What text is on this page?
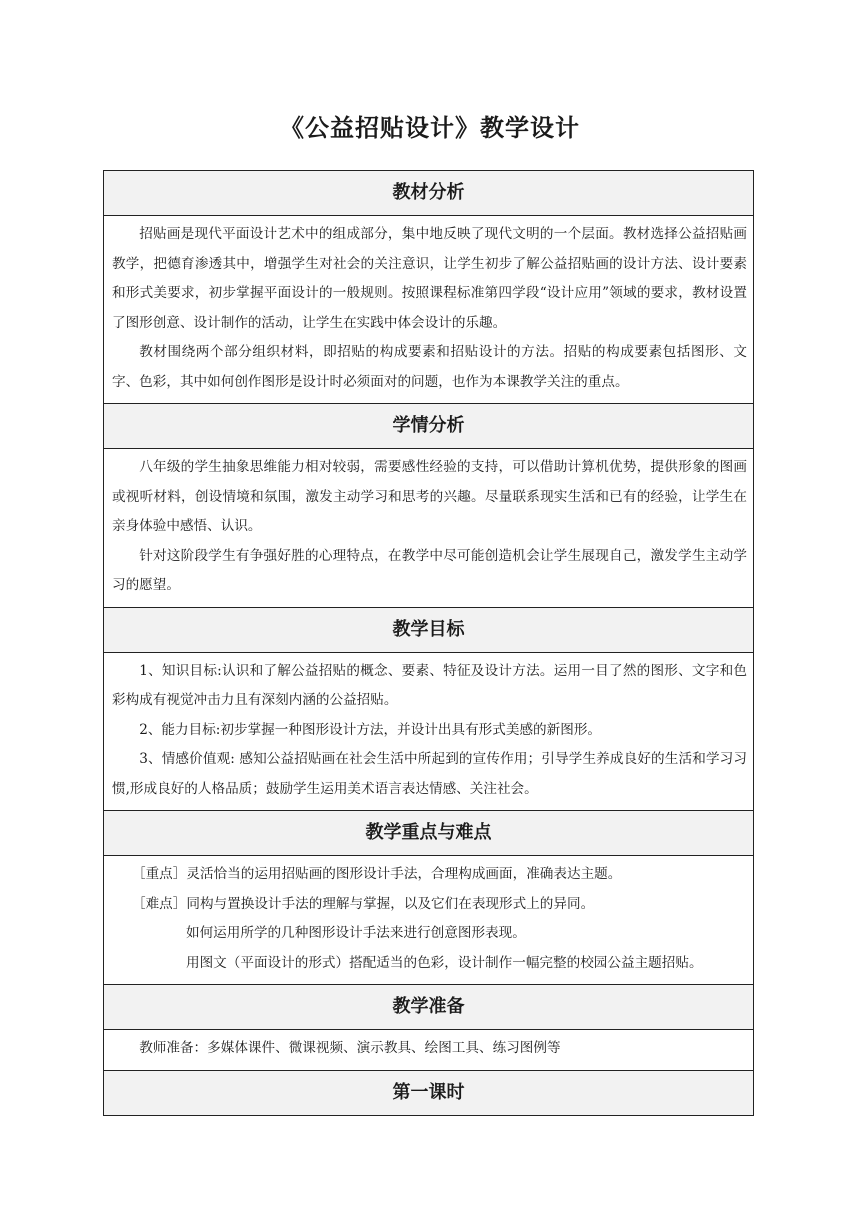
《公益招贴设计》教学设计
教材分析

招贴画是现代平面设计艺术中的组成部分，集中地反映了现代文明的一个层面。教材选择公益招贴画教学，把德育渗透其中，增强学生对社会的关注意识，让学生初步了解公益招贴画的设计方法、设计要素和形式美要求，初步掌握平面设计的一般规则。按照课程标准第四学段“设计应用”领域的要求，教材设置了图形创意、设计制作的活动，让学生在实践中体会设计的乐趣。

教材围绕两个部分组织材料，即招贴的构成要素和招贴设计的方法。招贴的构成要素包括图形、文字、色彩，其中如何创作图形是设计时必须面对的问题，也作为本课教学关注的重点。

学情分析

八年级的学生抽象思维能力相对较弱，需要感性经验的支持，可以借助计算机优势，提供形象的图画或视听材料，创设情境和氛围，激发主动学习和思考的兴趣。尽量联系现实生活和已有的经验，让学生在亲身体验中感悟、认识。

针对这阶段学生有争强好胜的心理特点，在教学中尽可能创造机会让学生展现自己，激发学生主动学习的愿望。

教学目标

1、知识目标:认识和了解公益招贴的概念、要素、特征及设计方法。运用一目了然的图形、文字和色彩构成有视觉冲击力且有深刻内涵的公益招贴。

2、能力目标:初步掌握一种图形设计方法，并设计出具有形式美感的新图形。

3、情感价值观: 感知公益招贴画在社会生活中所起到的宣传作用；引导学生养成良好的生活和学习习惯,形成良好的人格品质；鼓励学生运用美术语言表达情感、关注社会。

教学重点与难点

［重点］灵活恰当的运用招贴画的图形设计手法，合理构成画面，准确表达主题。

［难点］同构与置换设计手法的理解与掌握，以及它们在表现形式上的异同。

如何运用所学的几种图形设计手法来进行创意图形表现。

用图文（平面设计的形式）搭配适当的色彩，设计制作一幅完整的校园公益主题招贴。

教学准备

教师准备：多媒体课件、微课视频、演示教具、绘图工具、练习图例等

第一课时
